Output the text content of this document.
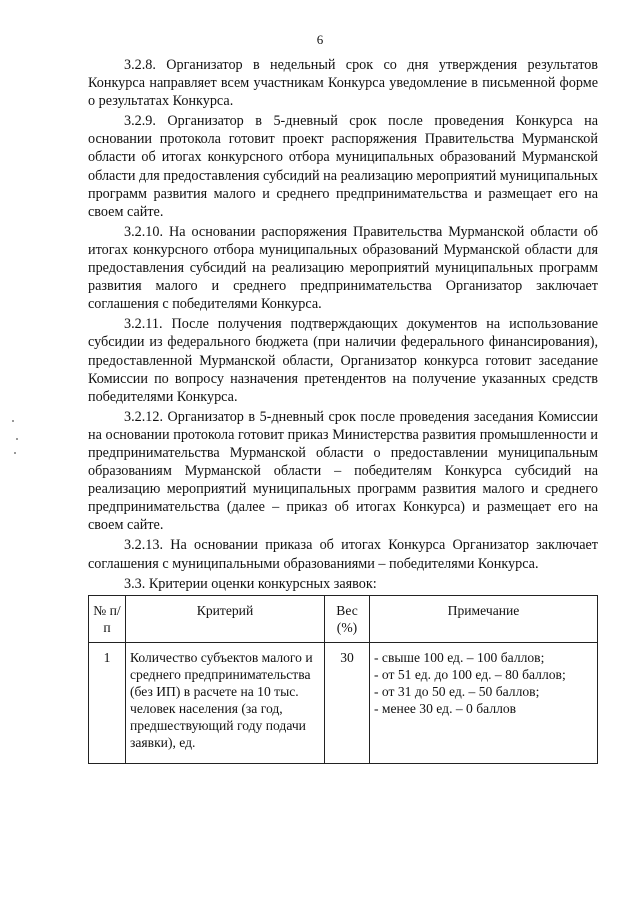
6

3.2.8. Организатор в недельный срок со дня утверждения результатов Конкурса направляет всем участникам Конкурса уведомление в письменной форме о результатах Конкурса.

3.2.9. Организатор в 5-дневный срок после проведения Конкурса на основании протокола готовит проект распоряжения Правительства Мурманской области об итогах конкурсного отбора муниципальных образований Мурманской области для предоставления субсидий на реализацию мероприятий муниципальных программ развития малого и среднего предпринимательства и размещает его на своем сайте.

3.2.10. На основании распоряжения Правительства Мурманской области об итогах конкурсного отбора муниципальных образований Мурманской области для предоставления субсидий на реализацию мероприятий муниципальных программ развития малого и среднего предпринимательства Организатор заключает соглашения с победителями Конкурса.

3.2.11. После получения подтверждающих документов на использование субсидии из федерального бюджета (при наличии федерального финансирования), предоставленной Мурманской области, Организатор конкурса готовит заседание Комиссии по вопросу назначения претендентов на получение указанных средств победителями Конкурса.

3.2.12. Организатор в 5-дневный срок после проведения заседания Комиссии на основании протокола готовит приказ Министерства развития промышленности и предпринимательства Мурманской области о предоставлении муниципальным образованиям Мурманской области – победителям Конкурса субсидий на реализацию мероприятий муниципальных программ развития малого и среднего предпринимательства (далее – приказ об итогах Конкурса) и размещает его на своем сайте.

3.2.13. На основании приказа об итогах Конкурса Организатор заключает соглашения с муниципальными образованиями – победителями Конкурса.

3.3. Критерии оценки конкурсных заявок:

№ п/п	Критерий	Вес (%)	Примечание
1	Количество субъектов малого и среднего предпринимательства (без ИП) в расчете на 10 тыс. человек населения (за год, предшествующий году подачи заявки), ед.	30	- свыше 100 ед. – 100 баллов;
- от 51 ед. до 100 ед. – 80 баллов;
- от 31 до 50 ед. – 50 баллов;
- менее 30 ед. – 0 баллов
